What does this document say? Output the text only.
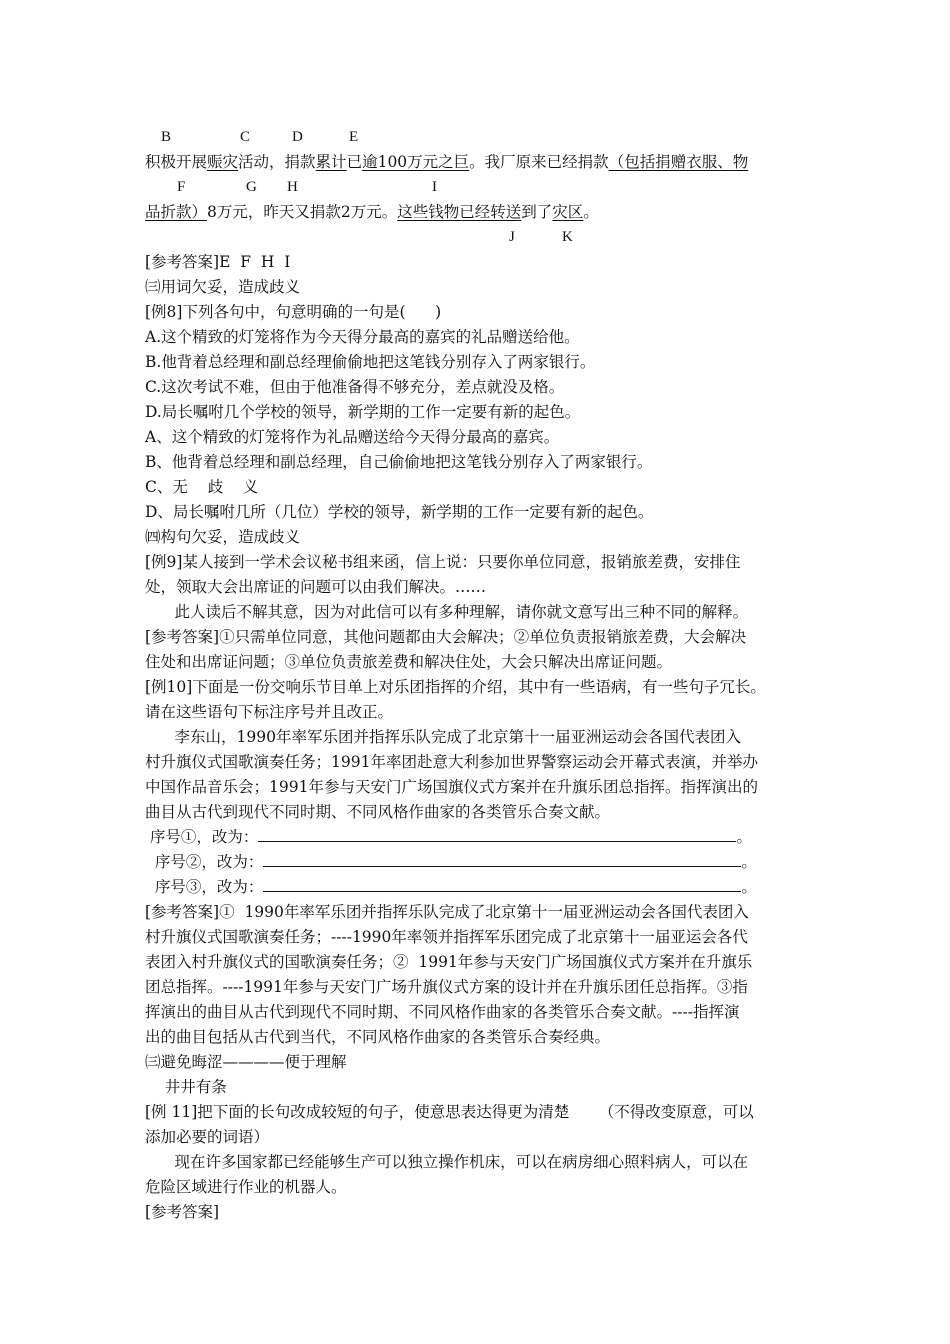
B	C	D	E
积极开展赈灾活动，捐款累计已逾100万元之巨。我厂原来已经捐款（包括捐赠衣服、物
F	G H	I
品折款）8万元，昨天又捐款2万元。这些钱物已经转送到了灾区。
J	K
[参考答案]E  F  H  I
㈢用词欠妥，造成歧义
[例8]下列各句中，句意明确的一句是(      )
A.这个精致的灯笼将作为今天得分最高的嘉宾的礼品赠送给他。
B.他背着总经理和副总经理偷偷地把这笔钱分别存入了两家银行。
C.这次考试不难，但由于他准备得不够充分，差点就没及格。
D.局长嘱咐几个学校的领导，新学期的工作一定要有新的起色。
A、这个精致的灯笼将作为礼品赠送给今天得分最高的嘉宾。
B、他背着总经理和副总经理，自己偷偷地把这笔钱分别存入了两家银行。
C、无    歧    义
D、局长嘱咐几所（几位）学校的领导，新学期的工作一定要有新的起色。
㈣构句欠妥，造成歧义
[例9]某人接到一学术会议秘书组来函，信上说：只要你单位同意，报销旅差费，安排住
处，领取大会出席证的问题可以由我们解决。……
此人读后不解其意，因为对此信可以有多种理解，请你就文意写出三种不同的解释。
[参考答案]①只需单位同意，其他问题都由大会解决；②单位负责报销旅差费，大会解决
住处和出席证问题；③单位负责旅差费和解决住处，大会只解决出席证问题。
[例10]下面是一份交响乐节目单上对乐团指挥的介绍，其中有一些语病，有一些句子冗长。
请在这些语句下标注序号并且改正。
李东山，1990年率军乐团并指挥乐队完成了北京第十一届亚洲运动会各国代表团入
村升旗仪式国歌演奏任务；1991年率团赴意大利参加世界警察运动会开幕式表演，并举办
中国作品音乐会；1991年参与天安门广场国旗仪式方案并在升旗乐团总指挥。指挥演出的
曲目从古代到现代不同时期、不同风格作曲家的各类管乐合奏文献。
序号①，改为：	。
序号②，改为：	。
序号③，改为：	。
[参考答案]①  1990年率军乐团并指挥乐队完成了北京第十一届亚洲运动会各国代表团入
村升旗仪式国歌演奏任务；----1990年率领并指挥军乐团完成了北京第十一届亚运会各代
表团入村升旗仪式的国歌演奏任务；②  1991年参与天安门广场国旗仪式方案并在升旗乐
团总指挥。----1991年参与天安门广场升旗仪式方案的设计并在升旗乐团任总指挥。③指
挥演出的曲目从古代到现代不同时期、不同风格作曲家的各类管乐合奏文献。----指挥演
出的曲目包括从古代到当代，不同风格作曲家的各类管乐合奏经典。
㈢避免晦涩————便于理解
井井有条
[例 11]把下面的长句改成较短的句子，使意思表达得更为清楚      （不得改变原意，可以
添加必要的词语）
现在许多国家都已经能够生产可以独立操作机床，可以在病房细心照料病人，可以在
危险区域进行作业的机器人。
[参考答案]
